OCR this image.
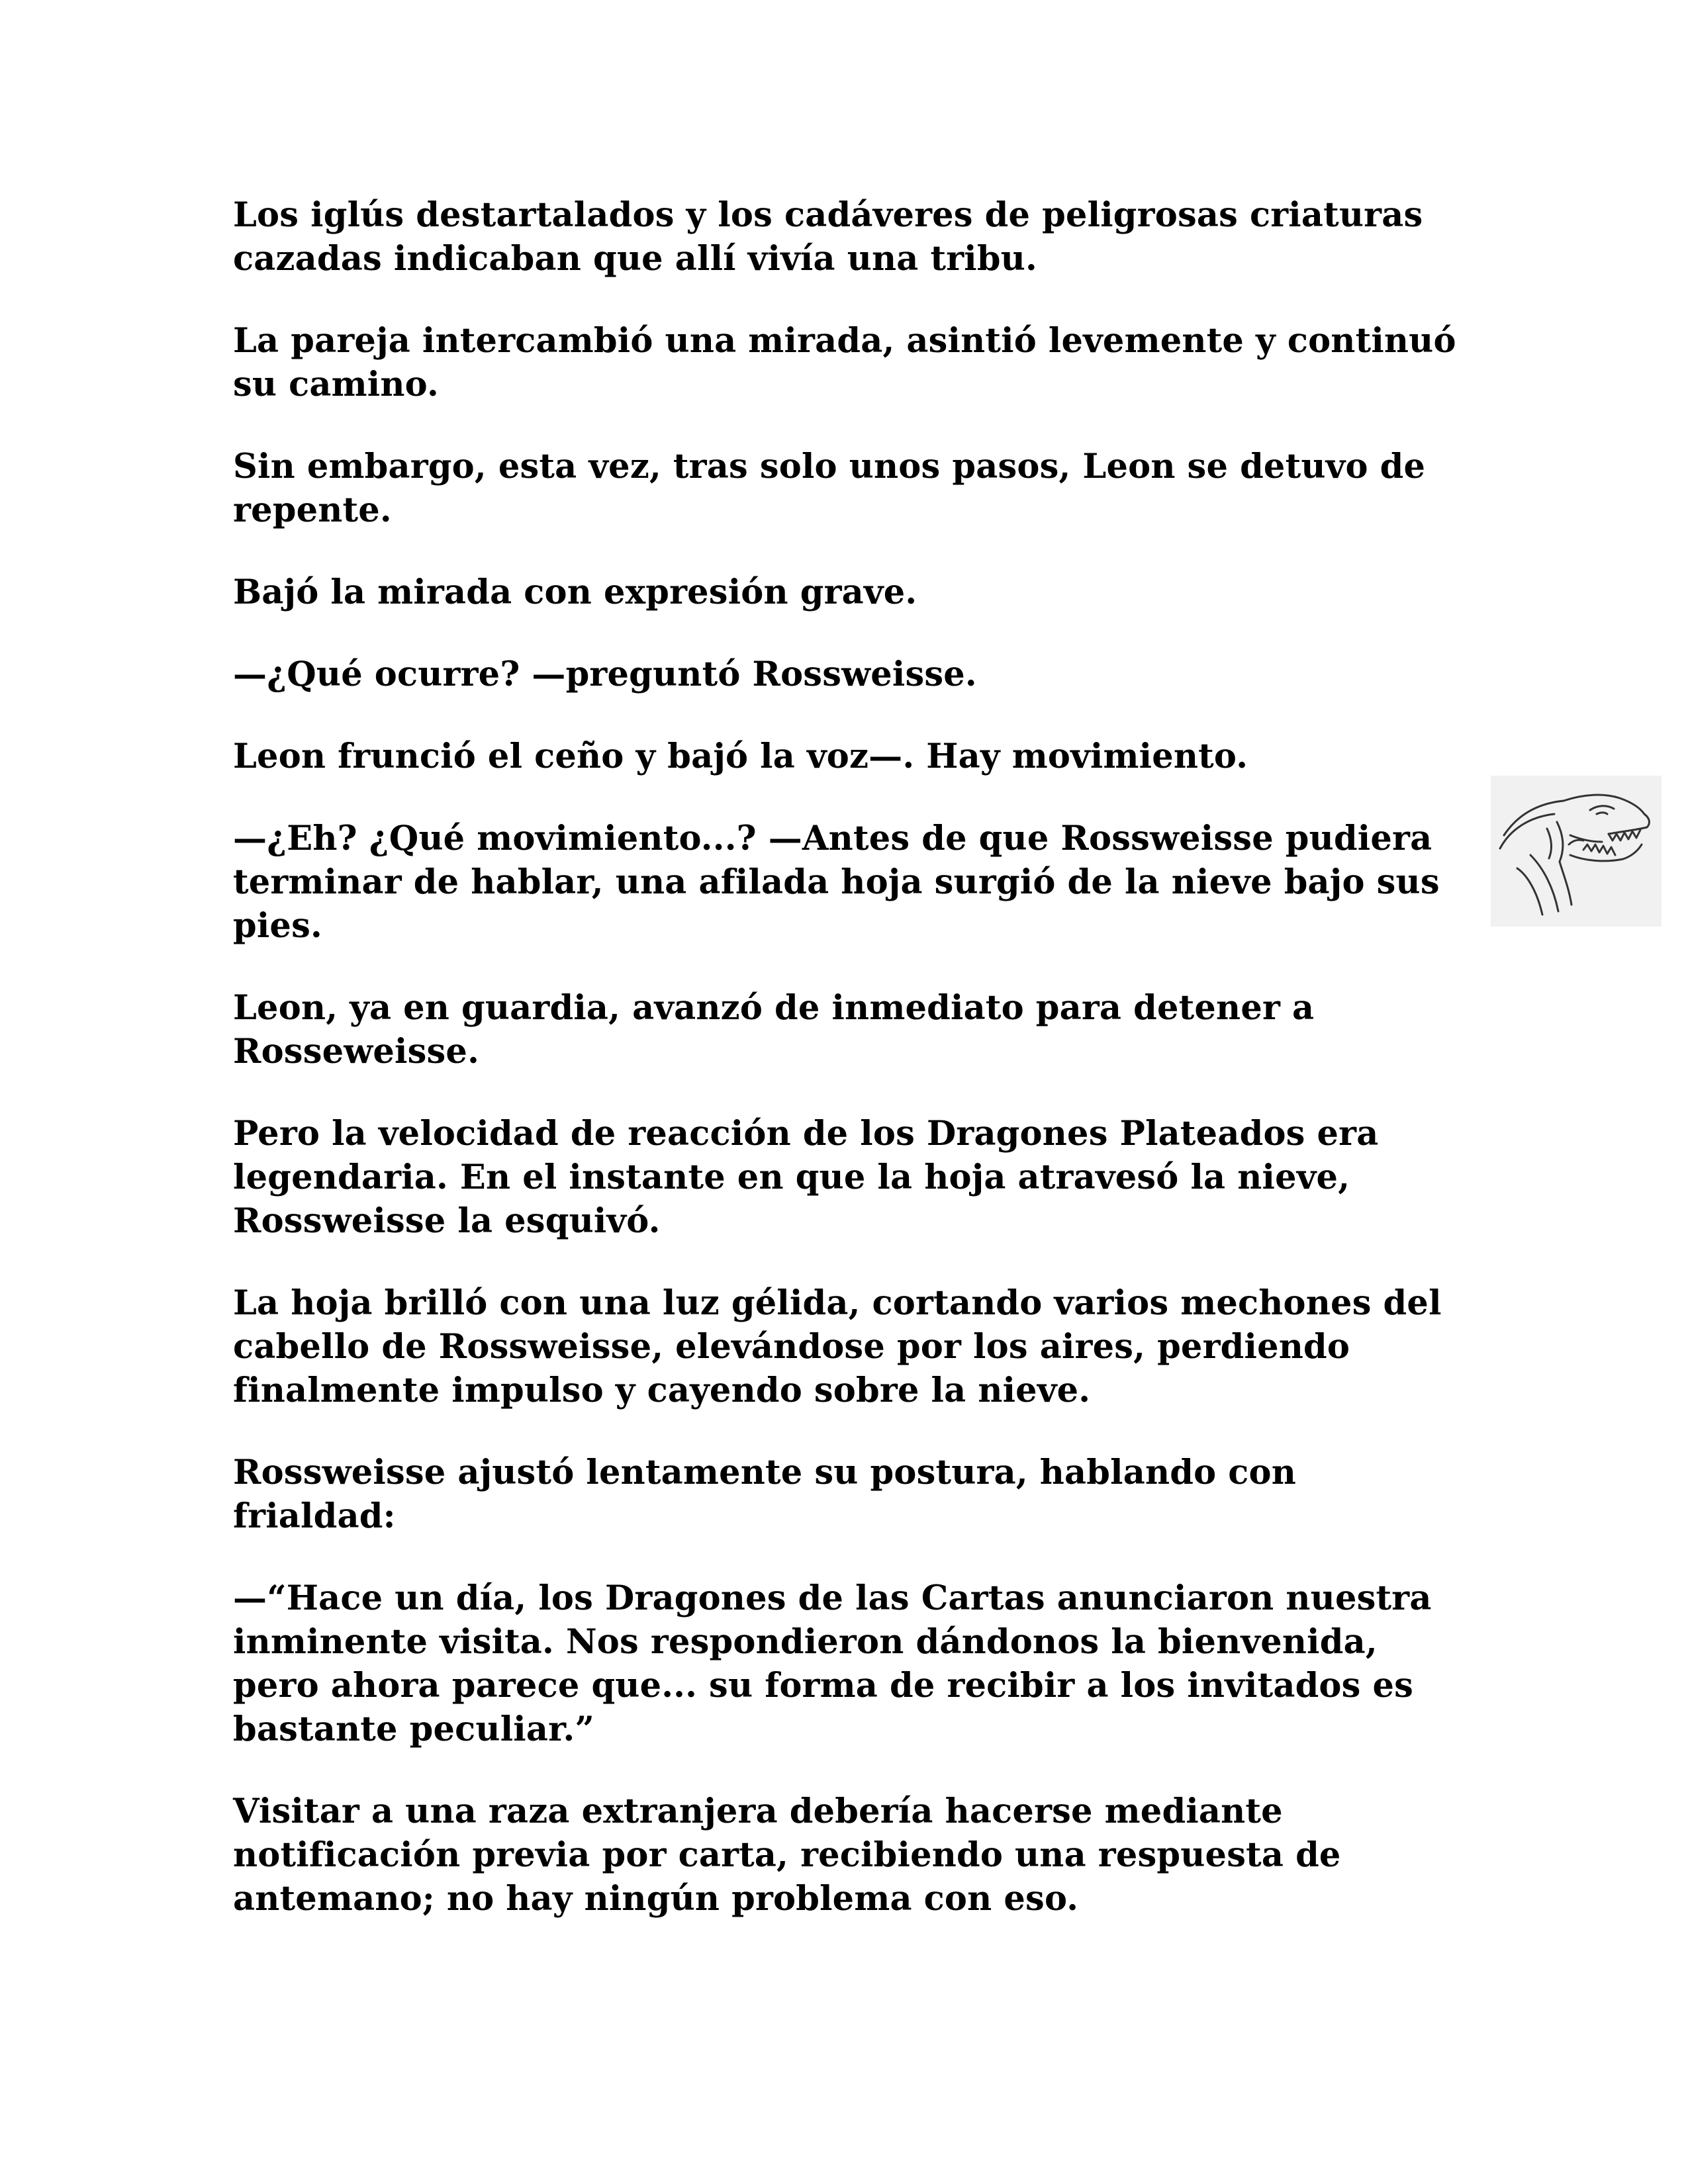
Los iglús destartalados y los cadáveres de peligrosas criaturas cazadas indicaban que allí vivía una tribu.

La pareja intercambió una mirada, asintió levemente y continuó su camino.

Sin embargo, esta vez, tras solo unos pasos, Leon se detuvo de repente.

Bajó la mirada con expresión grave.

—¿Qué ocurre? —preguntó Rossweisse.

Leon frunció el ceño y bajó la voz—. Hay movimiento.

—¿Eh? ¿Qué movimiento...? —Antes de que Rossweisse pudiera terminar de hablar, una afilada hoja surgió de la nieve bajo sus pies.

Leon, ya en guardia, avanzó de inmediato para detener a Rosseweisse.

Pero la velocidad de reacción de los Dragones Plateados era legendaria. En el instante en que la hoja atravesó la nieve, Rossweisse la esquivó.

La hoja brilló con una luz gélida, cortando varios mechones del cabello de Rossweisse, elevándose por los aires, perdiendo finalmente impulso y cayendo sobre la nieve.

Rossweisse ajustó lentamente su postura, hablando con frialdad:

—“Hace un día, los Dragones de las Cartas anunciaron nuestra inminente visita. Nos respondieron dándonos la bienvenida, pero ahora parece que... su forma de recibir a los invitados es bastante peculiar.”

Visitar a una raza extranjera debería hacerse mediante notificación previa por carta, recibiendo una respuesta de antemano; no hay ningún problema con eso.
